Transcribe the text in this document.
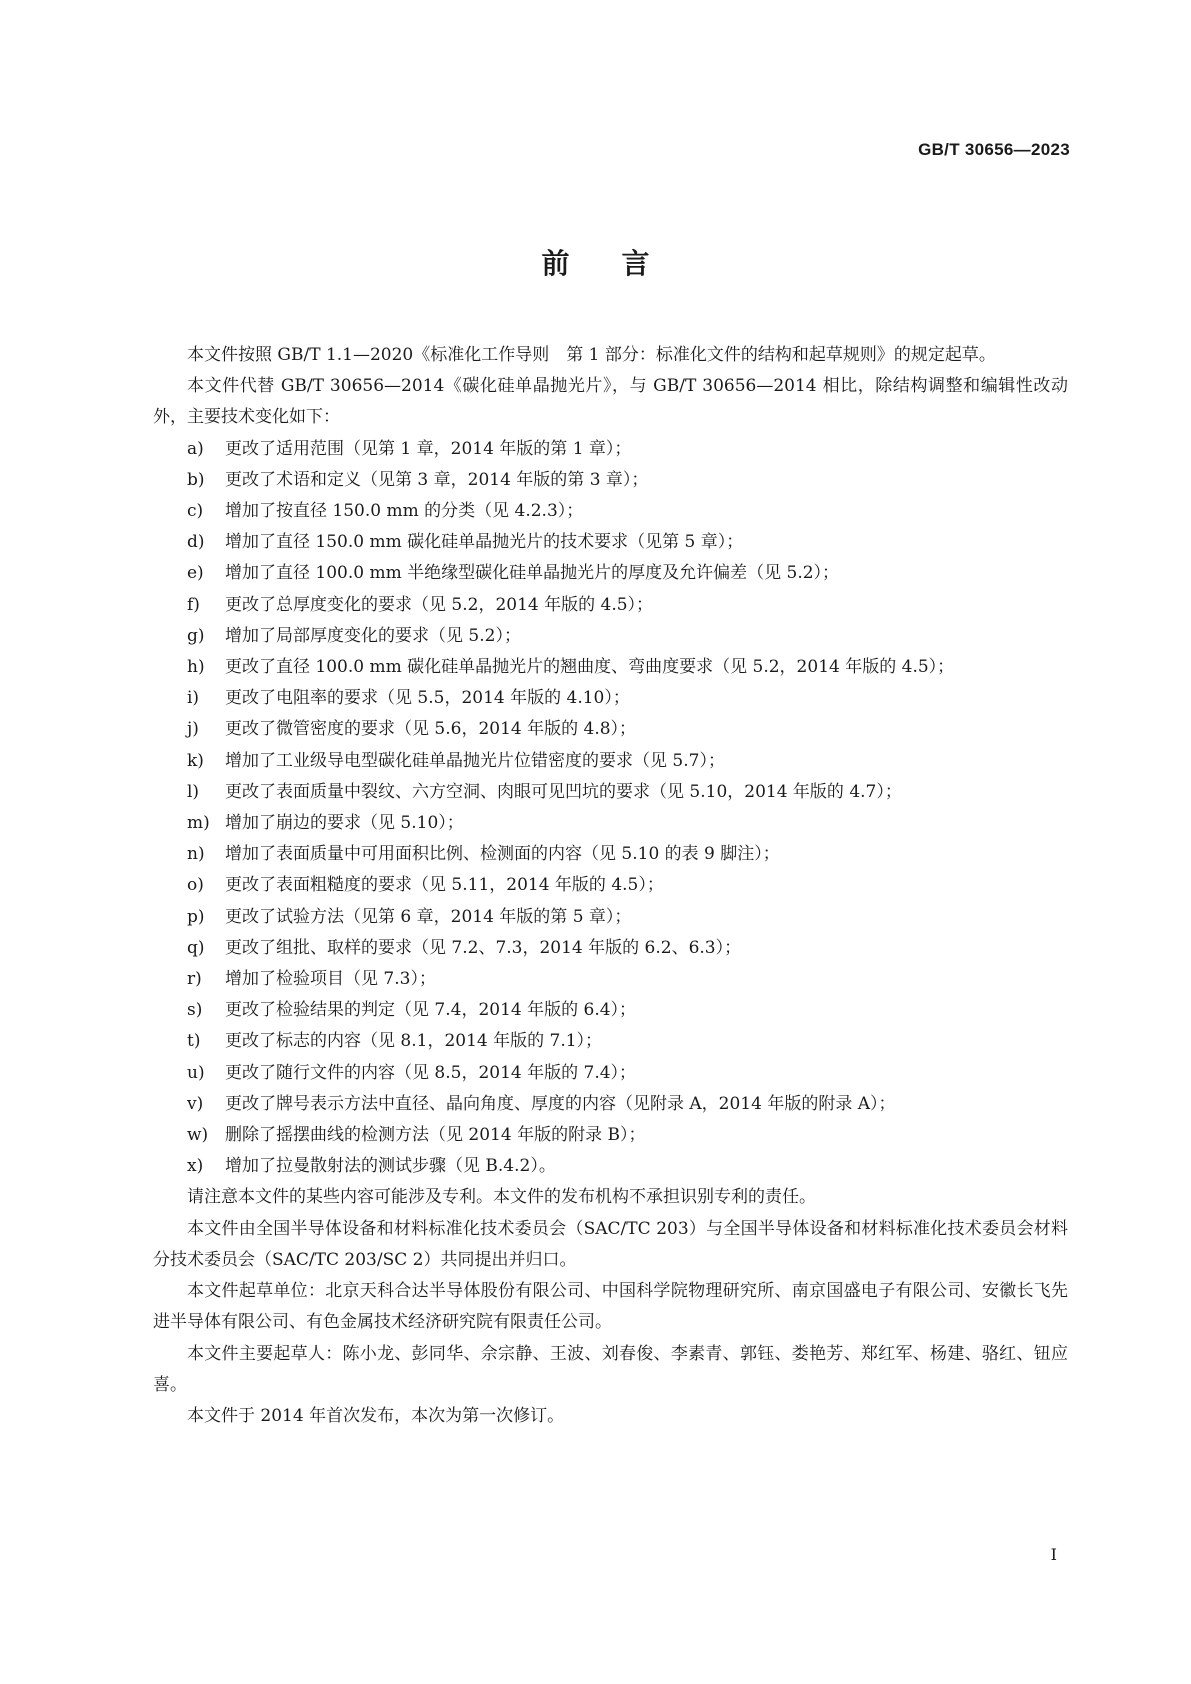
GB/T 30656—2023
前 言

本文件按照 GB/T 1.1—2020《标准化工作导则　第 1 部分：标准化文件的结构和起草规则》的规定起草。

本文件代替 GB/T 30656—2014《碳化硅单晶抛光片》，与 GB/T 30656—2014 相比，除结构调整和编辑性改动外，主要技术变化如下：

a)	更改了适用范围（见第 1 章，2014 年版的第 1 章）；
b)	更改了术语和定义（见第 3 章，2014 年版的第 3 章）；
c)	增加了按直径 150.0 mm 的分类（见 4.2.3）；
d)	增加了直径 150.0 mm 碳化硅单晶抛光片的技术要求（见第 5 章）；
e)	增加了直径 100.0 mm 半绝缘型碳化硅单晶抛光片的厚度及允许偏差（见 5.2）；
f)	更改了总厚度变化的要求（见 5.2，2014 年版的 4.5）；
g)	增加了局部厚度变化的要求（见 5.2）；
h)	更改了直径 100.0 mm 碳化硅单晶抛光片的翘曲度、弯曲度要求（见 5.2，2014 年版的 4.5）；
i)	更改了电阻率的要求（见 5.5，2014 年版的 4.10）；
j)	更改了微管密度的要求（见 5.6，2014 年版的 4.8）；
k)	增加了工业级导电型碳化硅单晶抛光片位错密度的要求（见 5.7）；
l)	更改了表面质量中裂纹、六方空洞、肉眼可见凹坑的要求（见 5.10，2014 年版的 4.7）；
m) 增加了崩边的要求（见 5.10）；
n)	增加了表面质量中可用面积比例、检测面的内容（见 5.10 的表 9 脚注）；
o)	更改了表面粗糙度的要求（见 5.11，2014 年版的 4.5）；
p)	更改了试验方法（见第 6 章，2014 年版的第 5 章）；
q)	更改了组批、取样的要求（见 7.2、7.3，2014 年版的 6.2、6.3）；
r)	增加了检验项目（见 7.3）；
s)	更改了检验结果的判定（见 7.4，2014 年版的 6.4）；
t)	更改了标志的内容（见 8.1，2014 年版的 7.1）；
u)	更改了随行文件的内容（见 8.5，2014 年版的 7.4）；
v)	更改了牌号表示方法中直径、晶向角度、厚度的内容（见附录 A，2014 年版的附录 A）；
w) 删除了摇摆曲线的检测方法（见 2014 年版的附录 B）；
x)	增加了拉曼散射法的测试步骤（见 B.4.2）。

请注意本文件的某些内容可能涉及专利。本文件的发布机构不承担识别专利的责任。

本文件由全国半导体设备和材料标准化技术委员会（SAC/TC 203）与全国半导体设备和材料标准化技术委员会材料分技术委员会（SAC/TC 203/SC 2）共同提出并归口。

本文件起草单位：北京天科合达半导体股份有限公司、中国科学院物理研究所、南京国盛电子有限公司、安徽长飞先进半导体有限公司、有色金属技术经济研究院有限责任公司。

本文件主要起草人：陈小龙、彭同华、佘宗静、王波、刘春俊、李素青、郭钰、娄艳芳、郑红军、杨建、骆红、钮应喜。

本文件于 2014 年首次发布，本次为第一次修订。

I
